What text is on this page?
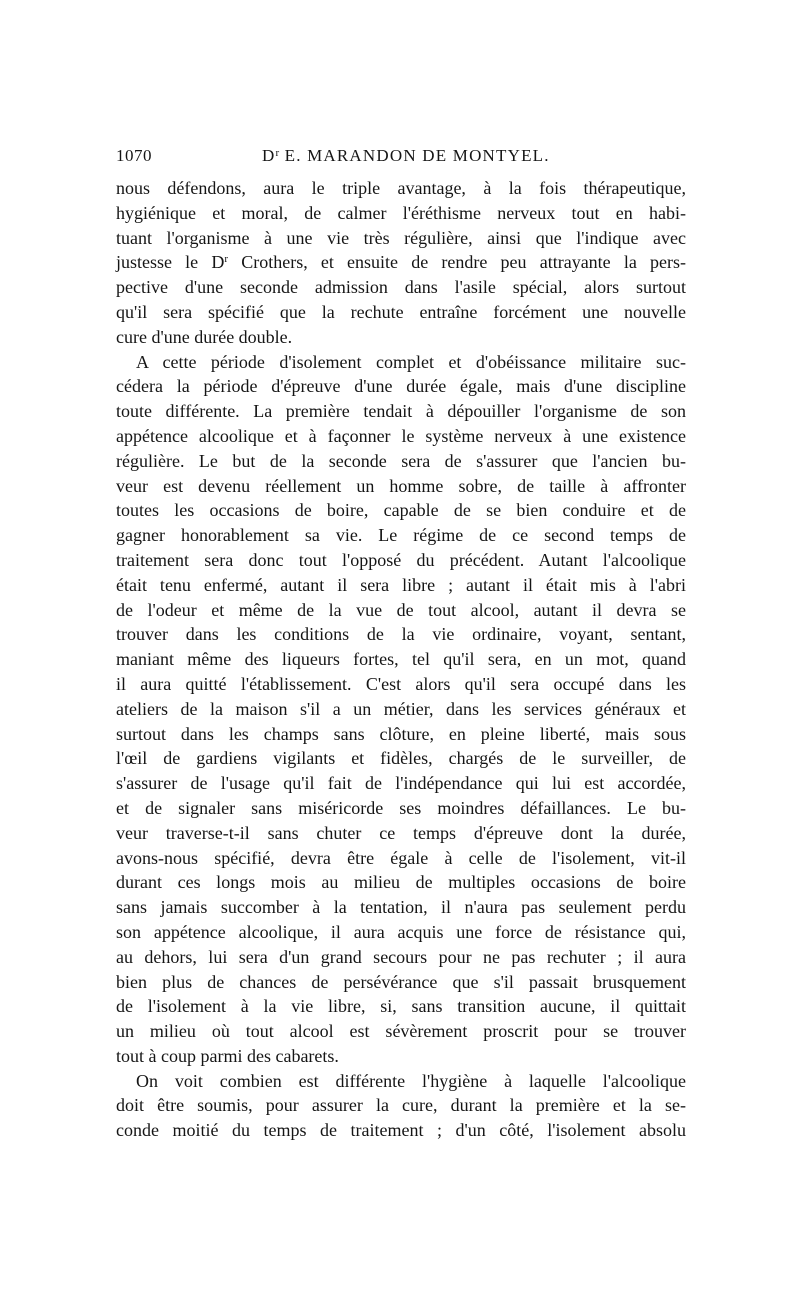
1070	$D^r$ E. MARANDON DE MONTYEL.
nous défendons, aura le triple avantage, à la fois thérapeutique,
hygiénique et moral, de calmer l'éréthisme nerveux tout en habi-
tuant l'organisme à une vie très régulière, ainsi que l'indique avec
justesse le $D^r$ Crothers, et ensuite de rendre peu attrayante la pers-
pective d'une seconde admission dans l'asile spécial, alors surtout
qu'il sera spécifié que la rechute entraîne forcément une nouvelle
cure d'une durée double.
A cette période d'isolement complet et d'obéissance militaire suc-
cédera la période d'épreuve d'une durée égale, mais d'une discipline
toute différente. La première tendait à dépouiller l'organisme de son
appétence alcoolique et à façonner le système nerveux à une existence
régulière. Le but de la seconde sera de s'assurer que l'ancien bu-
veur est devenu réellement un homme sobre, de taille à affronter
toutes les occasions de boire, capable de se bien conduire et de
gagner honorablement sa vie. Le régime de ce second temps de
traitement sera donc tout l'opposé du précédent. Autant l'alcoolique
était tenu enfermé, autant il sera libre ; autant il était mis à l'abri
de l'odeur et même de la vue de tout alcool, autant il devra se
trouver dans les conditions de la vie ordinaire, voyant, sentant,
maniant même des liqueurs fortes, tel qu'il sera, en un mot, quand
il aura quitté l'établissement. C'est alors qu'il sera occupé dans les
ateliers de la maison s'il a un métier, dans les services généraux et
surtout dans les champs sans clôture, en pleine liberté, mais sous
l'œil de gardiens vigilants et fidèles, chargés de le surveiller, de
s'assurer de l'usage qu'il fait de l'indépendance qui lui est accordée,
et de signaler sans miséricorde ses moindres défaillances. Le bu-
veur traverse-t-il sans chuter ce temps d'épreuve dont la durée,
avons-nous spécifié, devra être égale à celle de l'isolement, vit-il
durant ces longs mois au milieu de multiples occasions de boire
sans jamais succomber à la tentation, il n'aura pas seulement perdu
son appétence alcoolique, il aura acquis une force de résistance qui,
au dehors, lui sera d'un grand secours pour ne pas rechuter ; il aura
bien plus de chances de persévérance que s'il passait brusquement
de l'isolement à la vie libre, si, sans transition aucune, il quittait
un milieu où tout alcool est sévèrement proscrit pour se trouver
tout à coup parmi des cabarets.
On voit combien est différente l'hygiène à laquelle l'alcoolique
doit être soumis, pour assurer la cure, durant la première et la se-
conde moitié du temps de traitement ; d'un côté, l'isolement absolu
